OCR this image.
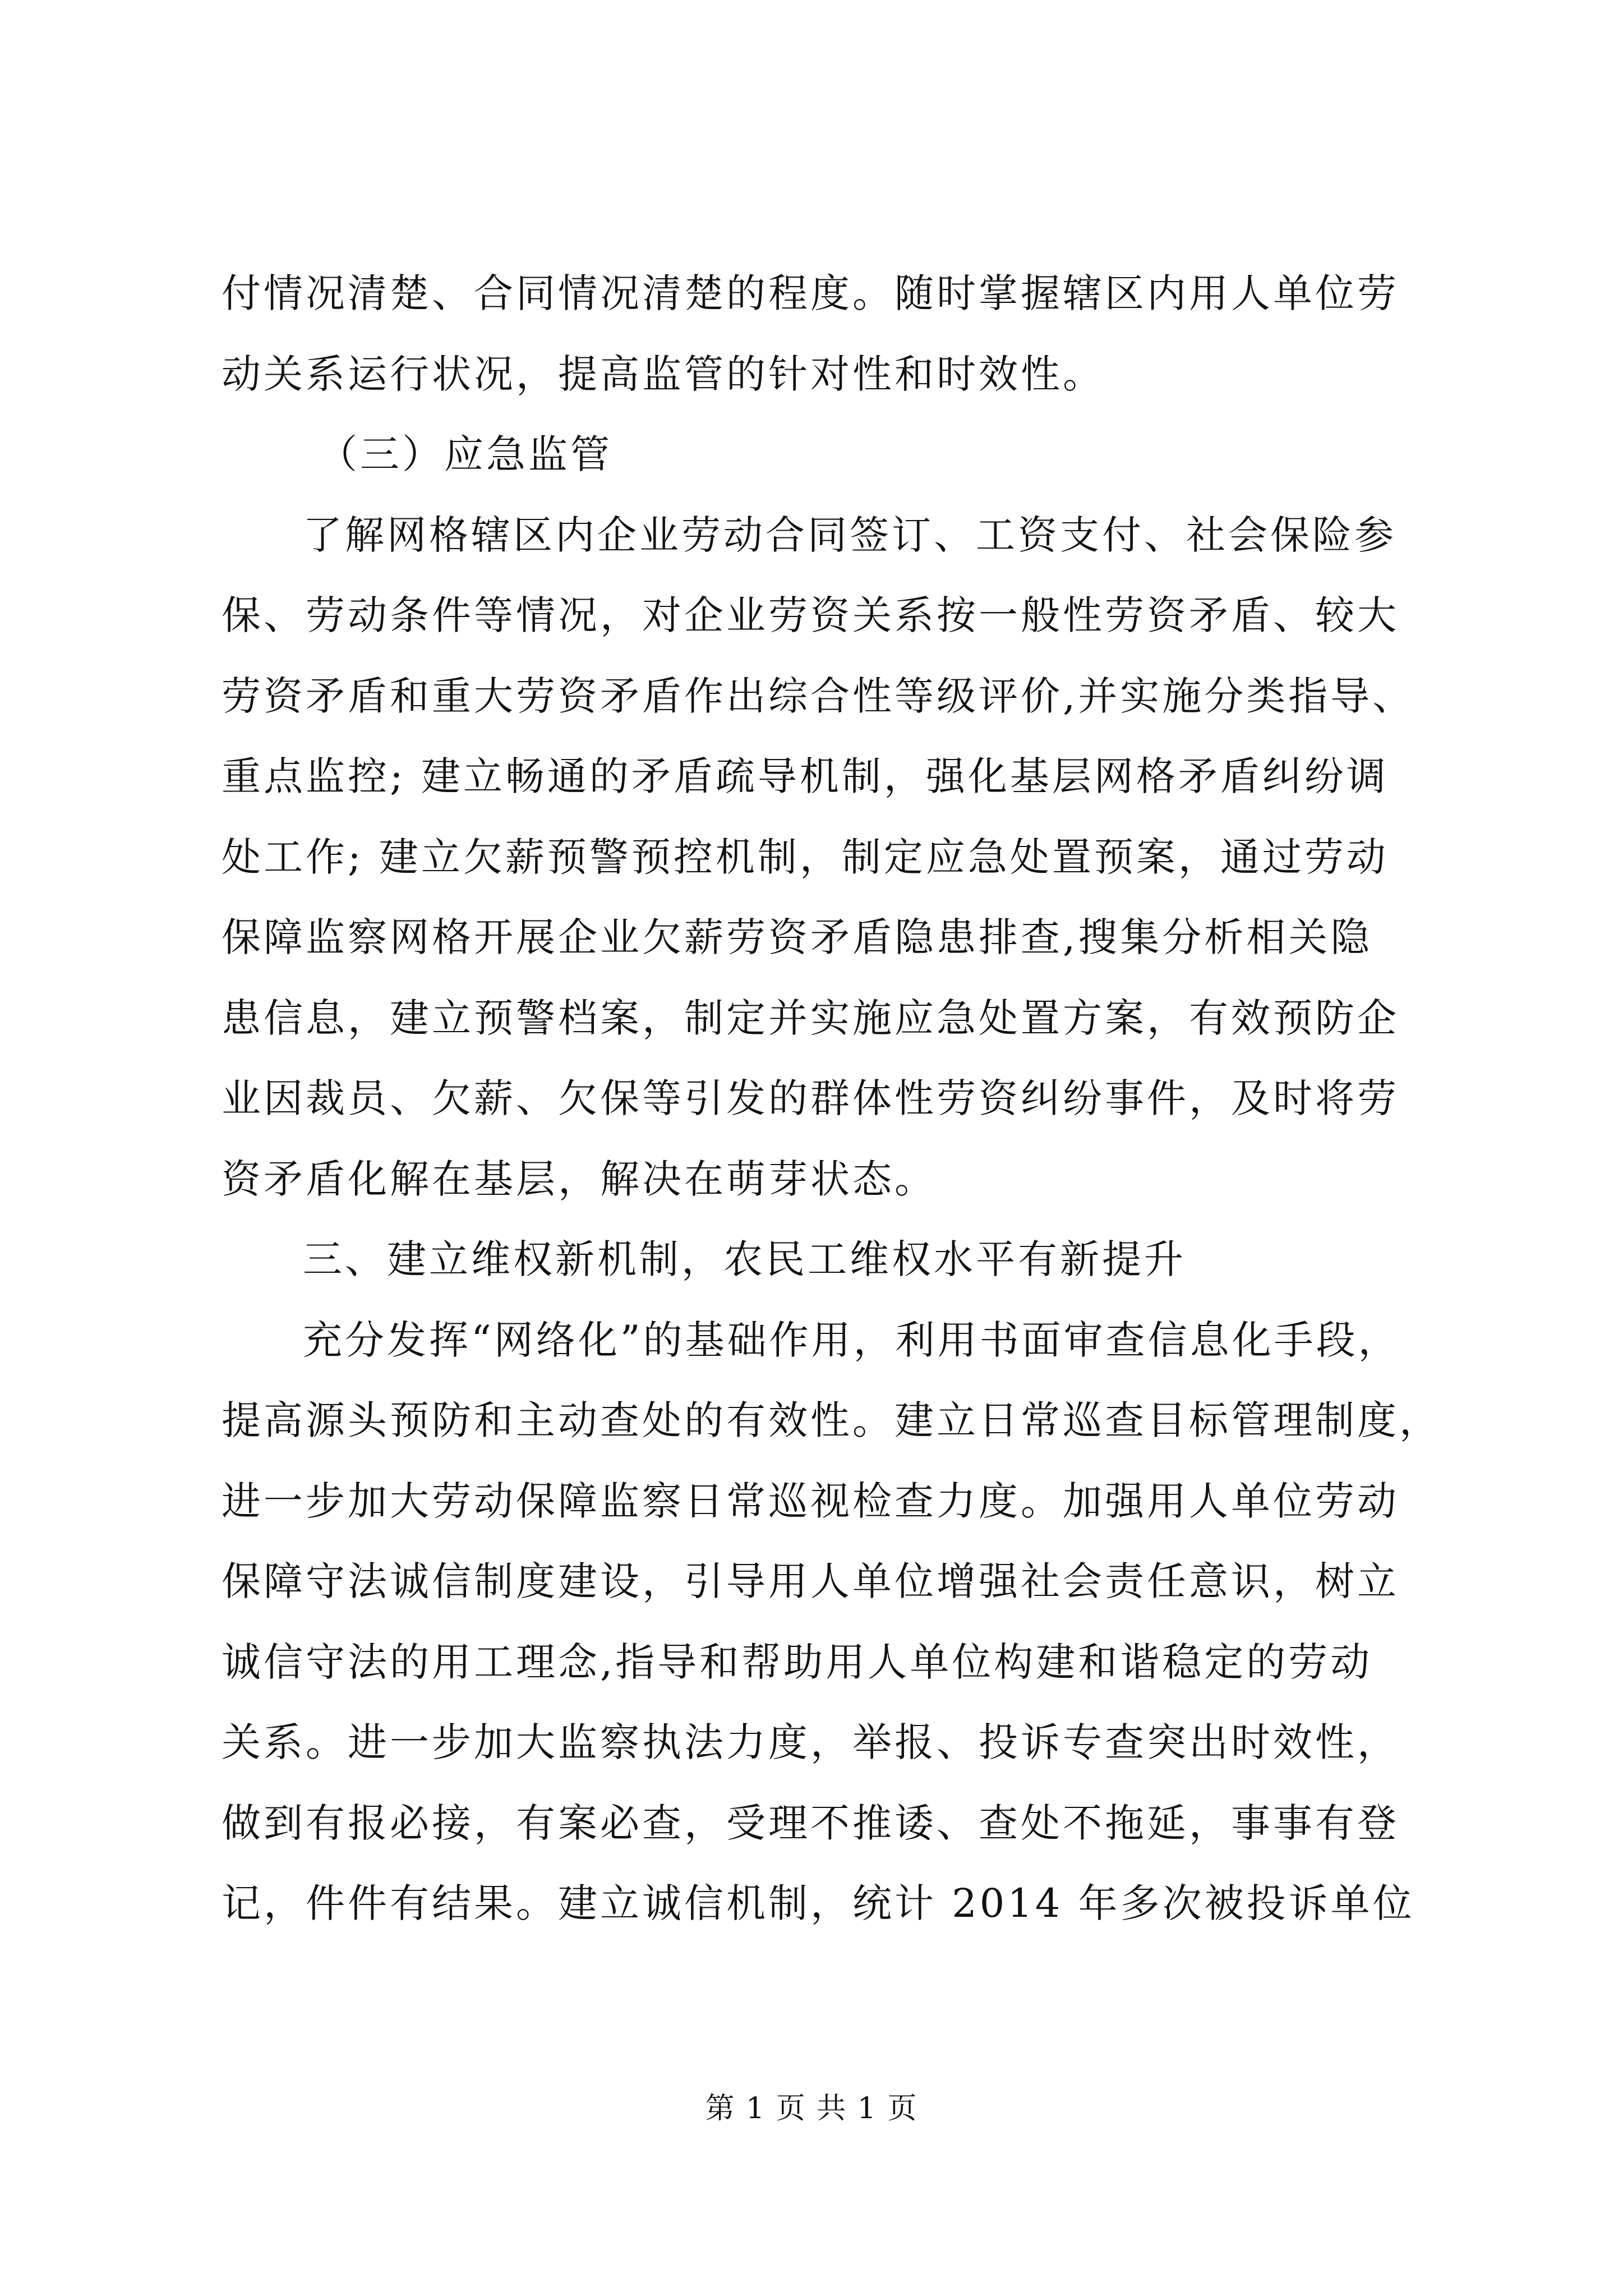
付情况清楚、合同情况清楚的程度。随时掌握辖区内用人单位劳
动关系运行状况，提高监管的针对性和时效性。
（三）应急监管
了解网格辖区内企业劳动合同签订、工资支付、社会保险参
保、劳动条件等情况，对企业劳资关系按一般性劳资矛盾、较大
劳资矛盾和重大劳资矛盾作出综合性等级评价,并实施分类指导、
重点监控; 建立畅通的矛盾疏导机制，强化基层网格矛盾纠纷调
处工作; 建立欠薪预警预控机制，制定应急处置预案，通过劳动
保障监察网格开展企业欠薪劳资矛盾隐患排查,搜集分析相关隐
患信息，建立预警档案，制定并实施应急处置方案，有效预防企
业因裁员、欠薪、欠保等引发的群体性劳资纠纷事件，及时将劳
资矛盾化解在基层，解决在萌芽状态。
三、建立维权新机制，农民工维权水平有新提升
充分发挥“网络化”的基础作用，利用书面审查信息化手段，
提高源头预防和主动查处的有效性。建立日常巡查目标管理制度，
进一步加大劳动保障监察日常巡视检查力度。加强用人单位劳动
保障守法诚信制度建设，引导用人单位增强社会责任意识，树立
诚信守法的用工理念,指导和帮助用人单位构建和谐稳定的劳动
关系。进一步加大监察执法力度，举报、投诉专查突出时效性，
做到有报必接，有案必查，受理不推诿、查处不拖延，事事有登
记，件件有结果。建立诚信机制，统计 2014 年多次被投诉单位
第 1 页 共 1 页
